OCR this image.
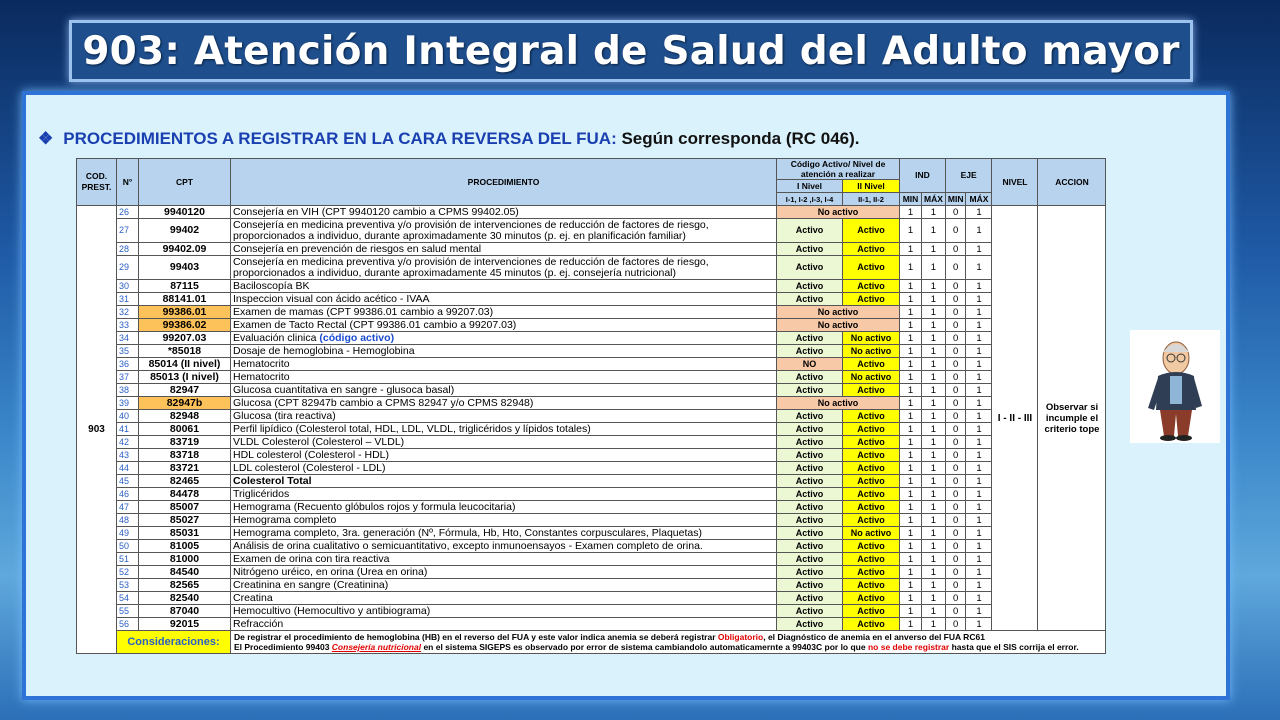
903: Atención Integral de Salud del Adulto mayor
❖ PROCEDIMIENTOS A REGISTRAR EN LA CARA REVERSA DEL FUA: Según corresponda (RC 046).
COD. PREST.	N°	CPT	PROCEDIMIENTO	Código Activo/ Nivel de atención a realizar		IND		EJE		NIVEL	ACCION
				I Nivel	II Nivel						
				I-1, I-2 ,I-3, I-4	II-1, II-2	MIN	MÁX	MIN	MÁX		
903	26	9940120	Consejería en VIH (CPT 9940120 cambio a CPMS 99402.05)	No activo		1	1	0	1	I - II - III	Observar si incumple el criterio tope
	27	99402	Consejería en medicina preventiva y/o provisión de intervenciones de reducción de factores de riesgo, proporcionados a individuo, durante aproximadamente 30 minutos (p. ej. en planificación familiar)	Activo	Activo	1	1	0	1		
	28	99402.09	Consejería en prevención de riesgos en salud mental	Activo	Activo	1	1	0	1		
	29	99403	Consejería en medicina preventiva y/o provisión de intervenciones de reducción de factores de riesgo, proporcionados a individuo, durante aproximadamente 45 minutos (p. ej. consejería nutricional)	Activo	Activo	1	1	0	1		
	30	87115	Baciloscopía BK	Activo	Activo	1	1	0	1		
	31	88141.01	Inspeccion visual con ácido acético - IVAA	Activo	Activo	1	1	0	1		
	32	99386.01	Examen de mamas (CPT 99386.01 cambio a 99207.03)	No activo		1	1	0	1		
	33	99386.02	Examen de Tacto Rectal (CPT 99386.01 cambio a 99207.03)	No activo		1	1	0	1		
	34	99207.03	Evaluación clinica (código activo)	Activo	No activo	1	1	0	1		
	35	*85018	Dosaje de hemoglobina - Hemoglobina	Activo	No activo	1	1	0	1		
	36	85014 (II nivel)	Hematocrito	NO	Activo	1	1	0	1		
	37	85013 (I nivel)	Hematocrito	Activo	No activo	1	1	0	1		
	38	82947	Glucosa cuantitativa en sangre - glusoca basal)	Activo	Activo	1	1	0	1		
	39	82947b	Glucosa (CPT 82947b cambio a CPMS 82947 y/o CPMS 82948)	No activo		1	1	0	1		
	40	82948	Glucosa (tira reactiva)	Activo	Activo	1	1	0	1		
	41	80061	Perfil lipídico (Colesterol total, HDL, LDL, VLDL, triglicéridos y lípidos totales)	Activo	Activo	1	1	0	1		
	42	83719	VLDL Colesterol (Colesterol – VLDL)	Activo	Activo	1	1	0	1		
	43	83718	HDL colesterol (Colesterol - HDL)	Activo	Activo	1	1	0	1		
	44	83721	LDL colesterol (Colesterol - LDL)	Activo	Activo	1	1	0	1		
	45	82465	Colesterol Total	Activo	Activo	1	1	0	1		
	46	84478	Triglicéridos	Activo	Activo	1	1	0	1		
	47	85007	Hemograma (Recuento glóbulos rojos y formula leucocitaria)	Activo	Activo	1	1	0	1		
	48	85027	Hemograma completo	Activo	Activo	1	1	0	1		
	49	85031	Hemograma completo, 3ra. generación (Nº, Fórmula, Hb, Hto, Constantes corpusculares, Plaquetas)	Activo	No activo	1	1	0	1		
	50	81005	Análisis de orina cualitativo o semicuantitativo, excepto inmunoensayos - Examen completo de orina.	Activo	Activo	1	1	0	1		
	51	81000	Examen de orina con tira reactiva	Activo	Activo	1	1	0	1		
	52	84540	Nitrógeno uréico, en orina (Urea en orina)	Activo	Activo	1	1	0	1		
	53	82565	Creatinina en sangre (Creatinina)	Activo	Activo	1	1	0	1		
	54	82540	Creatina	Activo	Activo	1	1	0	1		
	55	87040	Hemocultivo (Hemocultivo y antibiograma)	Activo	Activo	1	1	0	1		
	56	92015	Refracción	Activo	Activo	1	1	0	1		
	Consideraciones:		De registrar el procedimiento de hemoglobina (HB) en el reverso del FUA y este valor indica anemia se deberá registrar Obligatorio, el Diagnóstico de anemia en el anverso del FUA RC61
El Procedimiento 99403 Consejería nutricional en el sistema SIGEPS es observado por error de sistema cambiandolo automaticamernte a 99403C por lo que no se debe registrar hasta que el SIS corrija el error.								
